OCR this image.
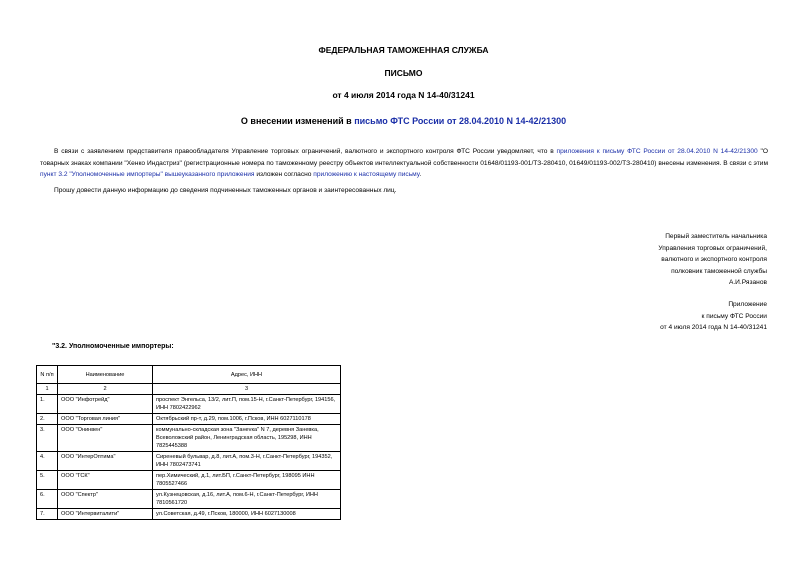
ФЕДЕРАЛЬНАЯ ТАМОЖЕННАЯ СЛУЖБА
ПИСЬМО
от 4 июля 2014 года N 14-40/31241
О внесении изменений в письмо ФТС России от 28.04.2010 N 14-42/21300
В связи с заявлением представителя правообладателя Управление торговых ограничений, валютного и экспортного контроля ФТС России уведомляет, что в приложения к письму ФТС России от 28.04.2010 N 14-42/21300 "О товарных знаках компании "Хенко Индастриз" (регистрационные номера по таможенному реестру объектов интеллектуальной собственности 01648/01193-001/ТЗ-280410, 01649/01193-002/ТЗ-280410) внесены изменения. В связи с этим пункт 3.2 "Уполномоченные импортеры" вышеуказанного приложения изложен согласно приложению к настоящему письму.
Прошу довести данную информацию до сведения подчиненных таможенных органов и заинтересованных лиц.
Первый заместитель начальника
Управления торговых ограничений,
валютного и экспортного контроля
полковник таможенной службы
А.И.Рязанов
Приложение
к письму ФТС России
от 4 июля 2014 года N 14-40/31241
"3.2. Уполномоченные импортеры:
N п/п	Наименование	Адрес, ИНН
1	2	3
1.	ООО "Инфотрейд"	проспект Энгельса, 13/2, лит.П, пом.15-Н, г.Санкт-Петербург, 194156, ИНН 7802422962
2.	ООО "Торговая линия"	Октябрьский пр-т, д.29, пом.1006, г.Псков, ИНН 6027110178
3.	ООО "Онинвен"	коммунально-складская зона "Занevка" N 7, деревня Заневка, Всеволожский район, Ленинградская область, 195298, ИНН 7825445388
4.	ООО "ИнтерОптима"	Сиреневый бульвар, д.8, лит.А, пом.3-Н, г.Санкт-Петербург, 194352, ИНН 7802473741
5.	ООО "ГСК"	пер.Химический, д.1, лит.БП, г.Санкт-Петербург, 198095 ИНН 7805527466
6.	ООО "Спектр"	ул.Кузнецовская, д.16, лит.А, пом.6-Н, г.Санкт-Петербург, ИНН 7810561720
7.	ООО "Интервиталити"	ул.Советская, д.49, г.Псков, 180000, ИНН 6027130008
